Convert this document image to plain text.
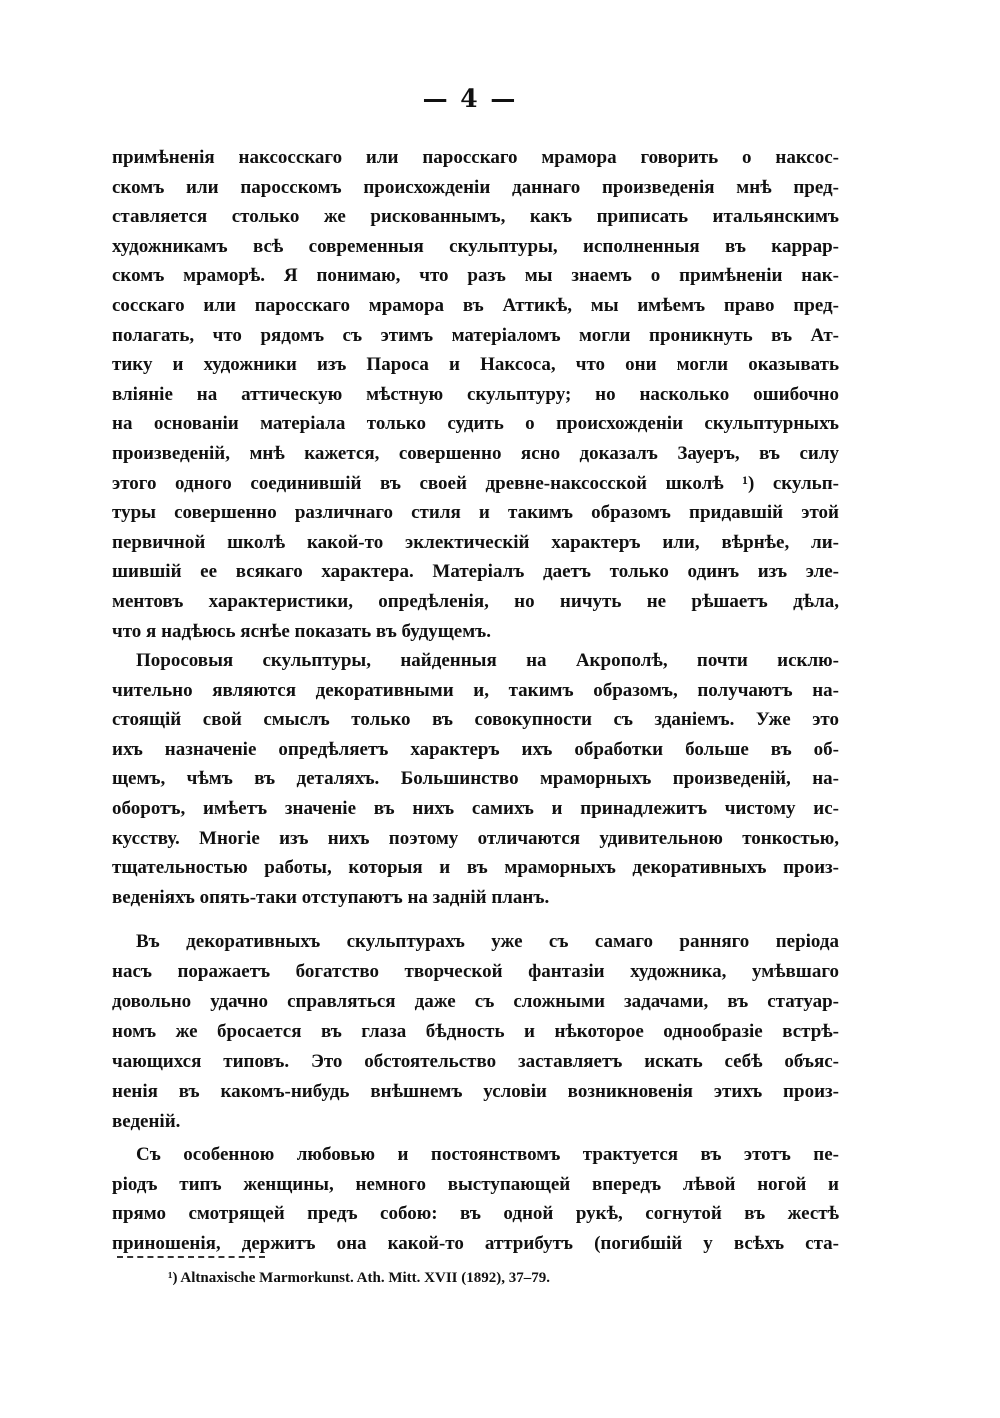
— 4 —
примѣненія наксосскаго или паросскаго мрамора говорить о наксос-
скомъ или паросскомъ происхожденіи даннаго произведенія мнѣ пред-
ставляется столько же рискованнымъ, какъ приписать итальянскимъ
художникамъ всѣ современныя скульптуры, исполненныя въ каррар-
скомъ мраморѣ. Я понимаю, что разъ мы знаемъ о примѣненіи нак-
сосскаго или паросскаго мрамора въ Аттикѣ, мы имѣемъ право пред-
полагать, что рядомъ съ этимъ матеріаломъ могли проникнуть въ Ат-
тику и художники изъ Пароса и Наксоса, что они могли оказывать
вліяніе на аттическую мѣстную скульптуру; но насколько ошибочно
на основаніи матеріала только судить о происхожденіи скульптурныхъ
произведеній, мнѣ кажется, совершенно ясно доказалъ Зауеръ, въ силу
этого одного соединившій въ своей древне-наксосской школѣ ¹) скульп-
туры совершенно различнаго стиля и такимъ образомъ придавшій этой
первичной школѣ какой-то эклектическій характеръ или, вѣрнѣе, ли-
шившій ее всякаго характера. Матеріалъ даетъ только одинъ изъ эле-
ментовъ характеристики, опредѣленія, но ничуть не рѣшаетъ дѣла,
что я надѣюсь яснѣе показать въ будущемъ.
Поросовыя скульптуры, найденныя на Акрополѣ, почти исклю-
чительно являются декоративными и, такимъ образомъ, получаютъ на-
стоящій свой смыслъ только въ совокупности съ зданіемъ. Уже это
ихъ назначеніе опредѣляетъ характеръ ихъ обработки больше въ об-
щемъ, чѣмъ въ деталяхъ. Большинство мраморныхъ произведеній, на-
оборотъ, имѣетъ значеніе въ нихъ самихъ и принадлежитъ чистому ис-
кусству. Многіе изъ нихъ поэтому отличаются удивительною тонкостью,
тщательностью работы, которыя и въ мраморныхъ декоративныхъ произ-
веденіяхъ опять-таки отступаютъ на задній планъ.
Въ декоративныхъ скульптурахъ уже съ самаго ранняго періода
насъ поражаетъ богатство творческой фантазіи художника, умѣвшаго
довольно удачно справляться даже съ сложными задачами, въ статуар-
номъ же бросается въ глаза бѣдность и нѣкоторое однообразіе встрѣ-
чающихся типовъ. Это обстоятельство заставляетъ искать себѣ объяс-
ненія въ какомъ-нибудь внѣшнемъ условіи возникновенія этихъ произ-
веденій.
Съ особенною любовью и постоянствомъ трактуется въ этотъ пе-
ріодъ типъ женщины, немного выступающей впередъ лѣвой ногой и
прямо смотрящей предъ собою: въ одной рукѣ, согнутой въ жестѣ
приношенія, держитъ она какой-то аттрибутъ (погибшій у всѣхъ ста-
¹) Altnaxische Marmorkunst. Ath. Mitt. XVII (1892), 37–79.
